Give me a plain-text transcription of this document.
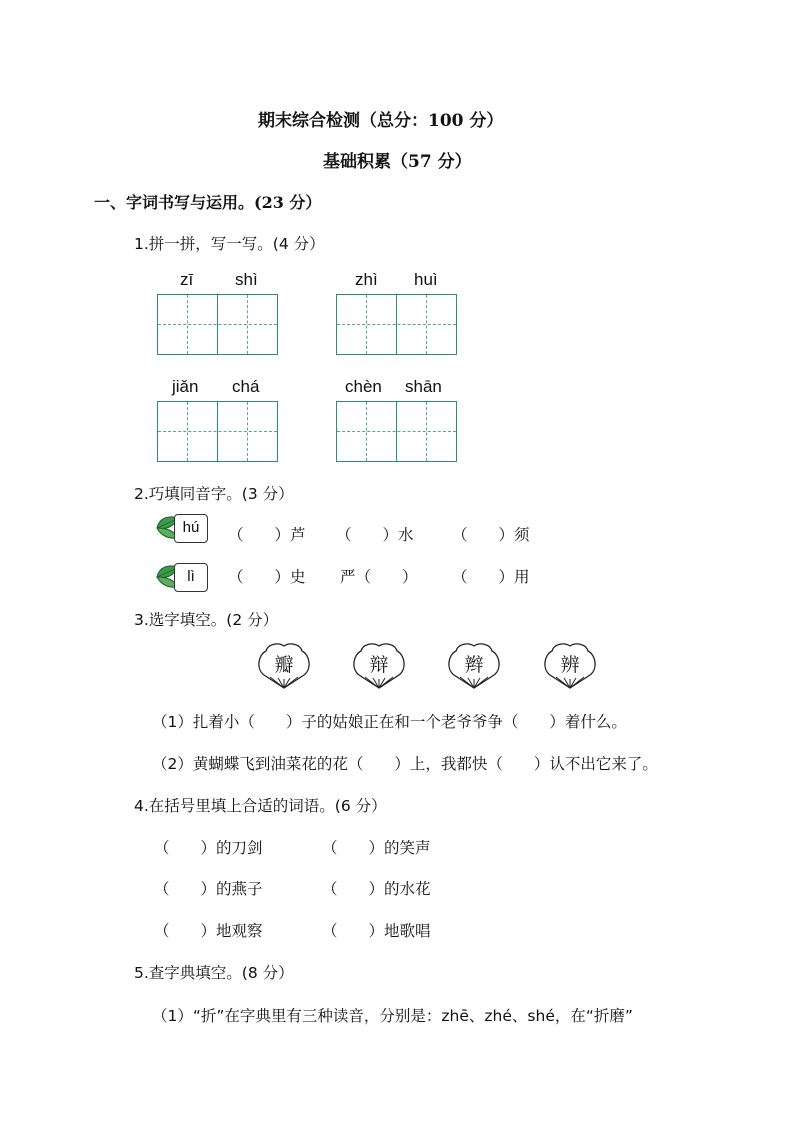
期末综合检测（总分：100 分）
基础积累（57 分）
一、字词书写与运用。(23 分）
1.拼一拼，写一写。(4 分）
zī shì	zhì huì
jiǎn chá	chèn shān
2.巧填同音字。(3 分）
hú	（　　）芦 （　　）水 （　　）须
lì	（　　）史 严（　　） （　　）用
3.选字填空。(2 分）
瓣	辩	辫	辨
（1）扎着小（　　）子的姑娘正在和一个老爷爷争（　　）着什么。
（2）黄蝴蝶飞到油菜花的花（　　）上，我都快（　　）认不出它来了。
4.在括号里填上合适的词语。(6 分）
（　　）的刀剑	（　　）的笑声
（　　）的燕子	（　　）的水花
（　　）地观察	（　　）地歌唱
5.查字典填空。(8 分）
（1）“折”在字典里有三种读音，分别是：zhē、zhé、shé，在“折磨”
